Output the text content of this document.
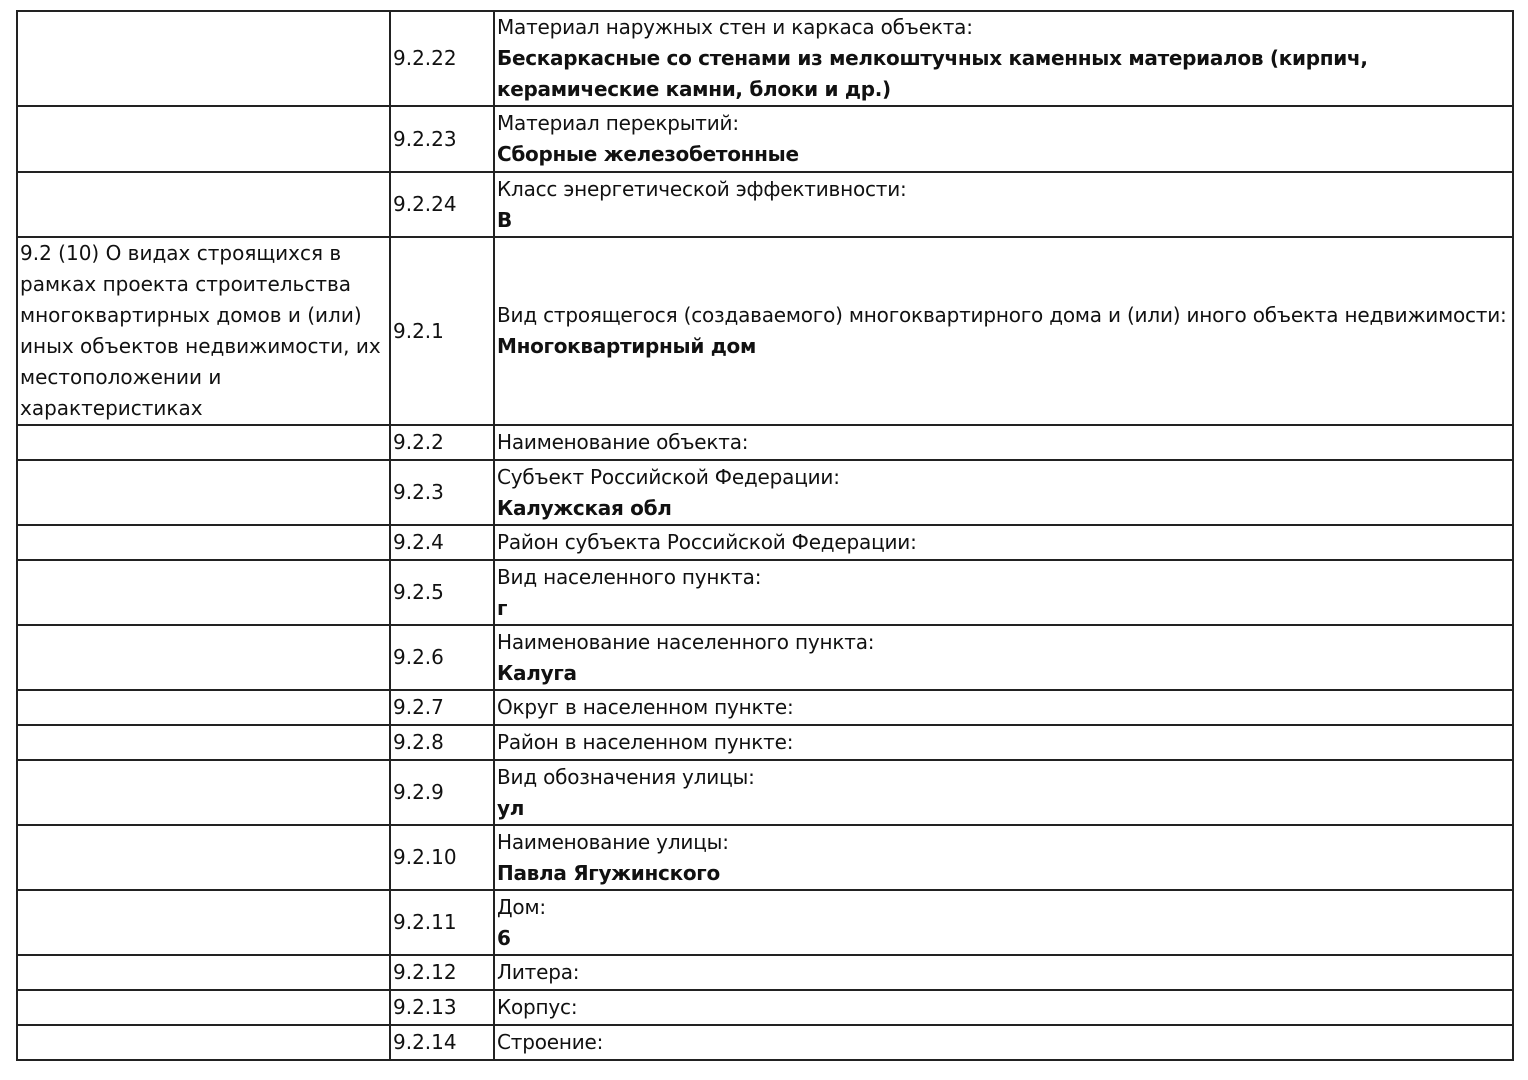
	9.2.22	Материал наружных стен и каркаса объекта:
Бескаркасные со стенами из мелкоштучных каменных материалов (кирпич, керамические камни, блоки и др.)

	9.2.23	Материал перекрытий:
Сборные железобетонные

	9.2.24	Класс энергетической эффективности:
В

9.2 (10) О видах строящихся в рамках проекта строительства многоквартирных домов и (или) иных объектов недвижимости, их местоположении и характеристиках	9.2.1	Вид строящегося (создаваемого) многоквартирного дома и (или) иного объекта недвижимости:
Многоквартирный дом

	9.2.2	Наименование объекта:

	9.2.3	Субъект Российской Федерации:
Калужская обл

	9.2.4	Район субъекта Российской Федерации:

	9.2.5	Вид населенного пункта:
г

	9.2.6	Наименование населенного пункта:
Калуга

	9.2.7	Округ в населенном пункте:

	9.2.8	Район в населенном пункте:

	9.2.9	Вид обозначения улицы:
ул

	9.2.10	Наименование улицы:
Павла Ягужинского

	9.2.11	Дом:
6

	9.2.12	Литера:

	9.2.13	Корпус:

	9.2.14	Строение:
